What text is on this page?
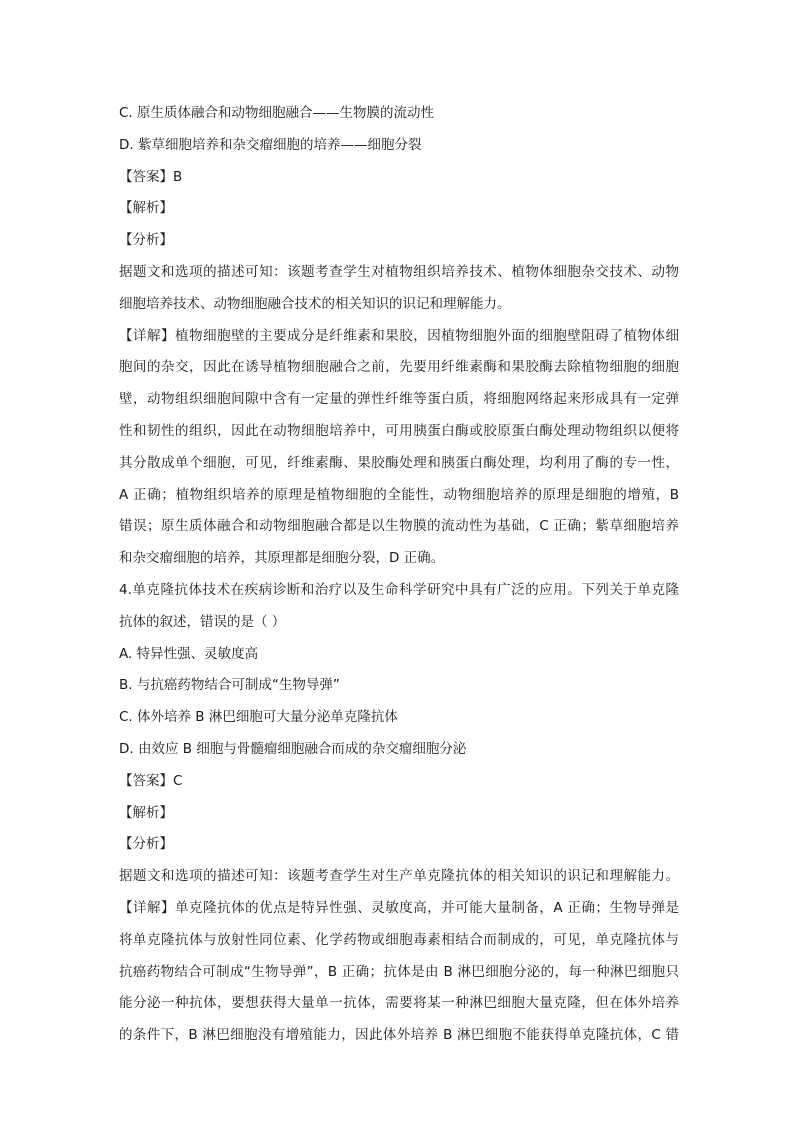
C. 原生质体融合和动物细胞融合——生物膜的流动性
D. 紫草细胞培养和杂交瘤细胞的培养——细胞分裂
【答案】B
【解析】
【分析】
据题文和选项的描述可知：该题考查学生对植物组织培养技术、植物体细胞杂交技术、动物
细胞培养技术、动物细胞融合技术的相关知识的识记和理解能力。
【详解】植物细胞壁的主要成分是纤维素和果胶，因植物细胞外面的细胞壁阻碍了植物体细
胞间的杂交，因此在诱导植物细胞融合之前，先要用纤维素酶和果胶酶去除植物细胞的细胞
壁，动物组织细胞间隙中含有一定量的弹性纤维等蛋白质，将细胞网络起来形成具有一定弹
性和韧性的组织，因此在动物细胞培养中，可用胰蛋白酶或胶原蛋白酶处理动物组织以便将
其分散成单个细胞，可见，纤维素酶、果胶酶处理和胰蛋白酶处理，均利用了酶的专一性，
A 正确；植物组织培养的原理是植物细胞的全能性，动物细胞培养的原理是细胞的增殖，B
错误；原生质体融合和动物细胞融合都是以生物膜的流动性为基础，C 正确；紫草细胞培养
和杂交瘤细胞的培养，其原理都是细胞分裂，D 正确。
4.单克隆抗体技术在疾病诊断和治疗以及生命科学研究中具有广泛的应用。下列关于单克隆
抗体的叙述，错误的是（ ）
A. 特异性强、灵敏度高
B. 与抗癌药物结合可制成“生物导弹”
C. 体外培养 B 淋巴细胞可大量分泌单克隆抗体
D. 由效应 B 细胞与骨髓瘤细胞融合而成的杂交瘤细胞分泌
【答案】C
【解析】
【分析】
据题文和选项的描述可知：该题考查学生对生产单克隆抗体的相关知识的识记和理解能力。
【详解】单克隆抗体的优点是特异性强、灵敏度高，并可能大量制备，A 正确；生物导弹是
将单克隆抗体与放射性同位素、化学药物或细胞毒素相结合而制成的，可见，单克隆抗体与
抗癌药物结合可制成“生物导弹”，B 正确；抗体是由 B 淋巴细胞分泌的，每一种淋巴细胞只
能分泌一种抗体，要想获得大量单一抗体，需要将某一种淋巴细胞大量克隆，但在体外培养
的条件下，B 淋巴细胞没有增殖能力，因此体外培养 B 淋巴细胞不能获得单克隆抗体，C 错
